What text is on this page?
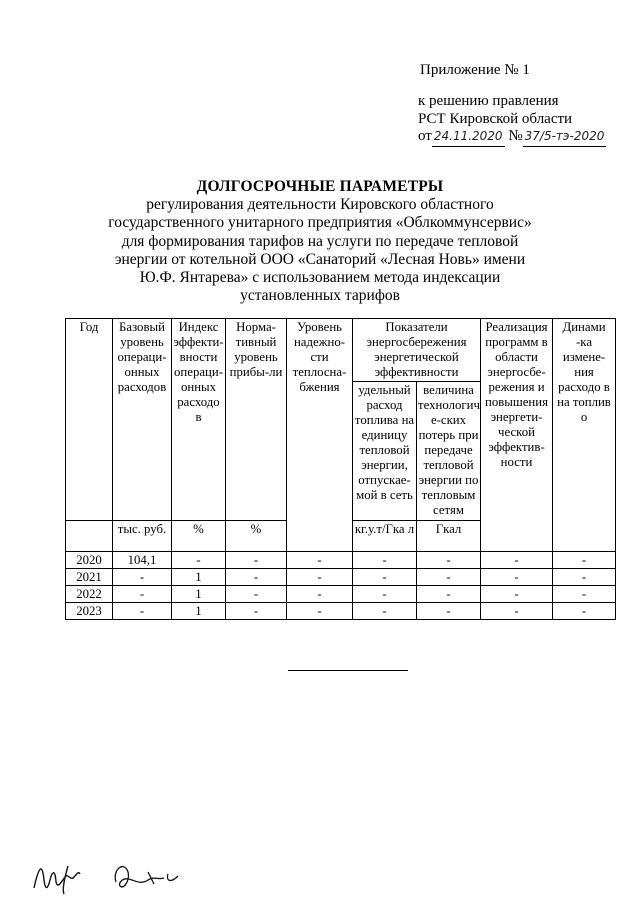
Приложение № 1
к решению правления
РСТ Кировской области
от 24.11.2020 № 37/5-тэ-2020
ДОЛГОСРОЧНЫЕ ПАРАМЕТРЫ
регулирования деятельности Кировского областного
государственного унитарного предприятия «Облкоммунсервис»
для формирования тарифов на услуги по передаче тепловой
энергии от котельной ООО «Санаторий «Лесная Новь» имени
Ю.Ф. Янтарева» с использованием метода индексации
установленных тарифов
Год	Базовый уровень операци-онных расходов	Индекс эффекти-вности операци-онных расходо в	Норма-тивный уровень прибы-ли	Уровень надежно-сти теплосна-бжения	Показатели энергосбережения энергетической эффективности		Реализация программ в области энергосбе-режения и повышения энергети-ческой эффектив-ности	Динами -ка измене-ния расходо в на топлив о
					удельный расход топлива на единицу тепловой энергии, отпускае-мой в сеть	величина технологич е-ских потерь при передаче тепловой энергии по тепловым сетям		
	тыс. руб.	%	%		кг.у.т/Гка л	Гкал		
2020	104,1	-	-	-	-	-	-	-
2021	-	1	-	-	-	-	-	-
2022	-	1	-	-	-	-	-	-
2023	-	1	-	-	-	-	-	-
